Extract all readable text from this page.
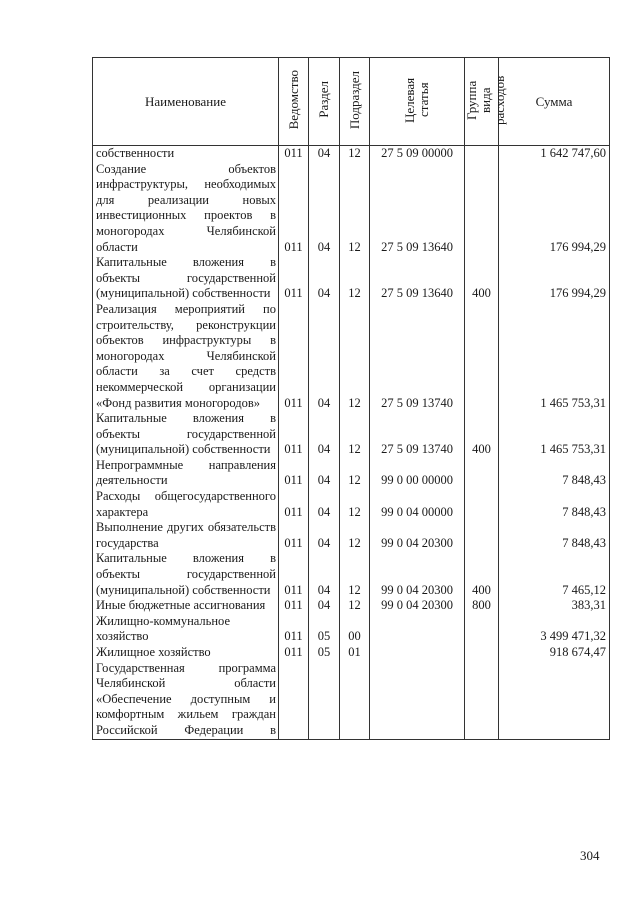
Наименование	Ведомство	Раздел	Подраздел	Целевая статья	Группа вида расходов	Сумма
собственности	011	04	12	27 5 09 00000		1 642 747,60
Создание объектов инфраструктуры, необходимых для реализации новых инвестиционных проектов в моногородах Челябинской области	011	04	12	27 5 09 13640		176 994,29
Капитальные вложения в объекты государственной (муниципальной) собственности	011	04	12	27 5 09 13640	400	176 994,29
Реализация мероприятий по строительству, реконструкции объектов инфраструктуры в моногородах Челябинской области за счет средств некоммерческой организации «Фонд развития моногородов»	011	04	12	27 5 09 13740		1 465 753,31
Капитальные вложения в объекты государственной (муниципальной) собственности	011	04	12	27 5 09 13740	400	1 465 753,31
Непрограммные направления деятельности	011	04	12	99 0 00 00000		7 848,43
Расходы общегосударственного характера	011	04	12	99 0 04 00000		7 848,43
Выполнение других обязательств государства	011	04	12	99 0 04 20300		7 848,43
Капитальные вложения в объекты государственной (муниципальной) собственности	011	04	12	99 0 04 20300	400	7 465,12
Иные бюджетные ассигнования	011	04	12	99 0 04 20300	800	383,31
Жилищно-коммунальное хозяйство	011	05	00			3 499 471,32
Жилищное хозяйство	011	05	01			918 674,47
Государственная программа Челябинской области «Обеспечение доступным и комфортным жильем граждан Российской Федерации в						
304
